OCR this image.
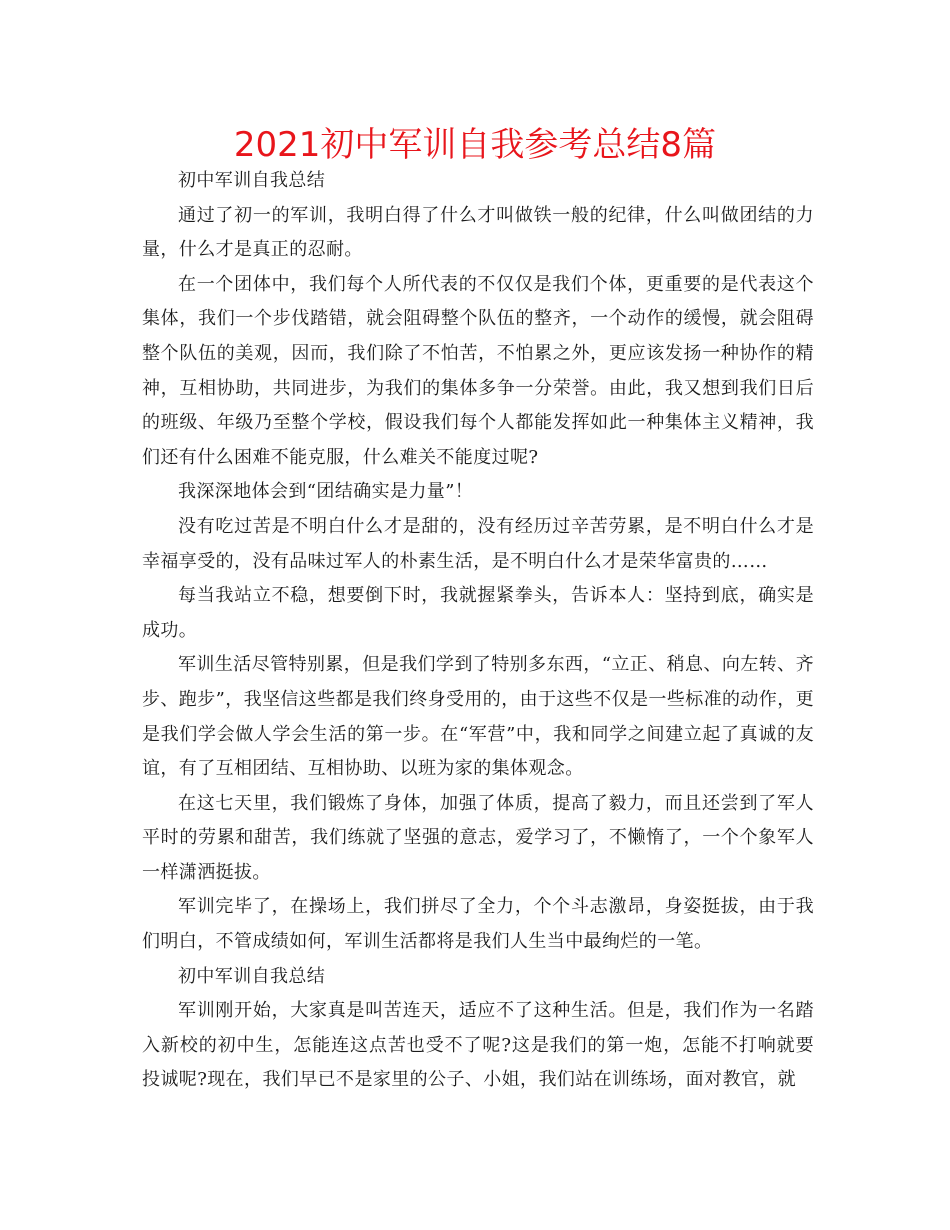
2021初中军训自我参考总结8篇

初中军训自我总结

通过了初一的军训，我明白得了什么才叫做铁一般的纪律，什么叫做团结的力量，什么才是真正的忍耐。

在一个团体中，我们每个人所代表的不仅仅是我们个体，更重要的是代表这个集体，我们一个步伐踏错，就会阻碍整个队伍的整齐，一个动作的缓慢，就会阻碍整个队伍的美观，因而，我们除了不怕苦，不怕累之外，更应该发扬一种协作的精神，互相协助，共同进步，为我们的集体多争一分荣誉。由此，我又想到我们日后的班级、年级乃至整个学校，假设我们每个人都能发挥如此一种集体主义精神，我们还有什么困难不能克服，什么难关不能度过呢?

我深深地体会到“团结确实是力量”！

没有吃过苦是不明白什么才是甜的，没有经历过辛苦劳累，是不明白什么才是幸福享受的，没有品味过军人的朴素生活，是不明白什么才是荣华富贵的……

每当我站立不稳，想要倒下时，我就握紧拳头，告诉本人：坚持到底，确实是成功。

军训生活尽管特别累，但是我们学到了特别多东西，“立正、稍息、向左转、齐步、跑步”，我坚信这些都是我们终身受用的，由于这些不仅是一些标准的动作，更是我们学会做人学会生活的第一步。在“军营”中，我和同学之间建立起了真诚的友谊，有了互相团结、互相协助、以班为家的集体观念。

在这七天里，我们锻炼了身体，加强了体质，提高了毅力，而且还尝到了军人平时的劳累和甜苦，我们练就了坚强的意志，爱学习了，不懒惰了，一个个象军人一样潇洒挺拔。

军训完毕了，在操场上，我们拼尽了全力，个个斗志激昂，身姿挺拔，由于我们明白，不管成绩如何，军训生活都将是我们人生当中最绚烂的一笔。

初中军训自我总结

军训刚开始，大家真是叫苦连天，适应不了这种生活。但是，我们作为一名踏入新校的初中生，怎能连这点苦也受不了呢?这是我们的第一炮，怎能不打响就要投诚呢?现在，我们早已不是家里的公子、小姐，我们站在训练场，面对教官，就
